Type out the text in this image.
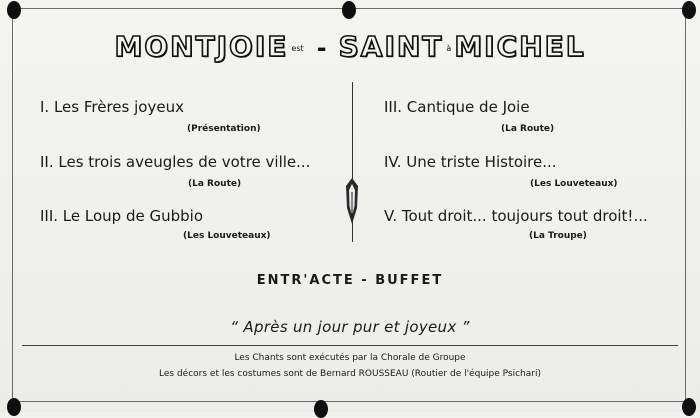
MONTJOIE est - SAINT à MICHEL
I. Les Frères joyeux
(Présentation)
II. Les trois aveugles de votre ville...
(La Route)
III. Le Loup de Gubbio
(Les Louveteaux)
III. Cantique de Joie
(La Route)
IV. Une triste Histoire...
(Les Louveteaux)
V. Tout droit... toujours tout droit!...
(La Troupe)
ENTR'ACTE - BUFFET
“ Après un jour pur et joyeux ”
Les Chants sont exécutés par la Chorale de Groupe
Les décors et les costumes sont de Bernard ROUSSEAU (Routier de l'équipe Psichari)
